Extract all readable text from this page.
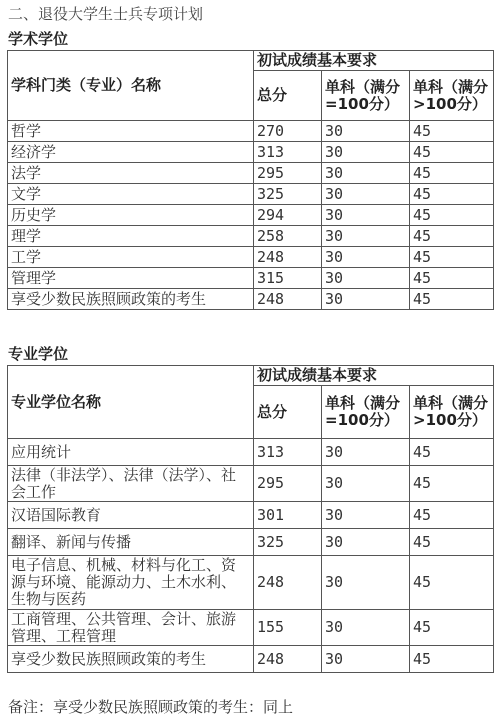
二、退役大学生士兵专项计划
学术学位
学科门类（专业）名称	初试成绩基本要求		
	总分	单科（满分=100分）	单科（满分>100分）
哲学	270	30	45
经济学	313	30	45
法学	295	30	45
文学	325	30	45
历史学	294	30	45
理学	258	30	45
工学	248	30	45
管理学	315	30	45
享受少数民族照顾政策的考生	248	30	45
专业学位
专业学位名称	初试成绩基本要求		
	总分	单科（满分=100分）	单科（满分>100分）
应用统计	313	30	45
法律（非法学）、法律（法学）、社会工作	295	30	45
汉语国际教育	301	30	45
翻译、新闻与传播	325	30	45
电子信息、机械、材料与化工、资源与环境、能源动力、土木水利、生物与医药	248	30	45
工商管理、公共管理、会计、旅游管理、工程管理	155	30	45
享受少数民族照顾政策的考生	248	30	45
备注：享受少数民族照顾政策的考生：同上
